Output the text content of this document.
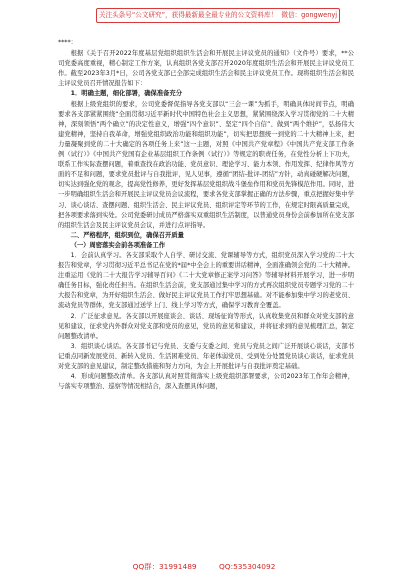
关注头条号“公文研究”，获得最新最全最专业的公文资料库！ 微信：gongwenyj

****：

根据《关于召开2022年度基层党组织组织生活会和开展民主评议党员的通知》（文件号）要求，**公司党委高度重视，精心制定工作方案，认真组织各党支部召开2020年度组织生活会和开展民主评议党员工作。截至2023年3月*日，公司各党支部已全部完成组织生活会和民主评议党员工作。现将组织生活会和民主评议党员召开情况报告如下：

1．明确主题，细化部署，确保准备充分

根据上级党组织的要求，公司党委督促指导各党支部以“三会一课”为抓手，明确具体时间节点，明确要求各支部紧紧围绕“全面贯彻习近平新时代中国特色社会主义思想，紧紧围绕深入学习贯彻党的二十大精神，深刻领悟“两个确立”的决定性意义，增强“四个意识”、坚定“四个自信”、做到“两个维护”，弘扬伟大建党精神，坚持自我革命，增强党组织政治功能和组织功能”，切实把思想统一到党的二十大精神上来，把力量凝聚到党的二十大确定的各项任务上来”这一主题，对照《中国共产党章程》《中国共产党支部工作条例（试行）》《中国共产党国有企业基层组织工作条例（试行）》等规定的职责任务，在党性分析上下功夫，联系工作实际查摆问题，着重查找在政治功能、党员意识、理论学习、能力本领、作用发挥、纪律作风等方面的不足和问题，要求党员批评与自我批评，见人见事，遵循“团结-批评-团结”方针，动真碰硬解决问题，切实达到强化党的观念，提高党性修养，更好发挥基层党组织战斗堡垒作用和党员先锋模范作用。同时，进一步明确组织生活会和开展民主评议党员会议流程，要求各党支部掌握正确的方法步骤，重点把握好集中学习、谈心谈话、查摆问题、组织生活会、民主评议党员、组织评定等环节的工作，在规定时限高质量完成，把各项要求落到实处。公司党委研讨成员严格落实双重组织生活制度，以普通党员身份会前参加所在党支部的组织生活会及民主评议党员会议，并进行点评指导。

二、严格程序，组织到位，确保召开质量

（一）周密落实会前各项准备工作

1．会前认真学习。各支部采取个人自学、研讨交流、党课辅导等方式，组织党员深入学习党的二十大报告和党章，学习贯彻习近平总书记在党的*届*中全会上的重要讲话精神，全面准确领会党的二十大精神。注重运用《党的二十大报告学习辅导百问》《二十大党章修正案学习问答》等辅导材料开展学习，进一步明确任务目标，强化责任担当。在组织生活会前，党支部通过集中学习的方式再次组织党员专题学习党的二十大报告和党章，为开好组织生活会、做好民主评议党员工作打牢思想基础。对不能参加集中学习的老党员、流动党员等群体，党支部通过送学上门、线上学习等方式，确保学习教育全覆盖。

2．广泛征求意见。各支部以开展座谈会、谈话、现场征询等形式，认真收集党员和群众对党支部的意见和建议，征求党内外群众对党支部和党员的意见，党员的意见和建议，并将征求到的意见梳理汇总，制定问题整改清单。

3．组织谈心谈话。各支部书记与党员、支委与支委之间、党员与党员之间广泛开展谈心谈话，支部书记重点同新发展党员、新转入党员、生活困难党员、年老体弱党员、受到处分处置党员谈心谈话，征求党员对党支部的意见建议，制定整改措施和努力方向，为会上开展批评与自我批评奠定基础。

4．形成问题整改清单。各支部认真对照贯彻落实上级党组织部署要求，公司2023年工作年会精神，与落实专项整治、巡察等情况相结合，深入查摆具体问题，

QQ群：31991489	QQ:535304092
